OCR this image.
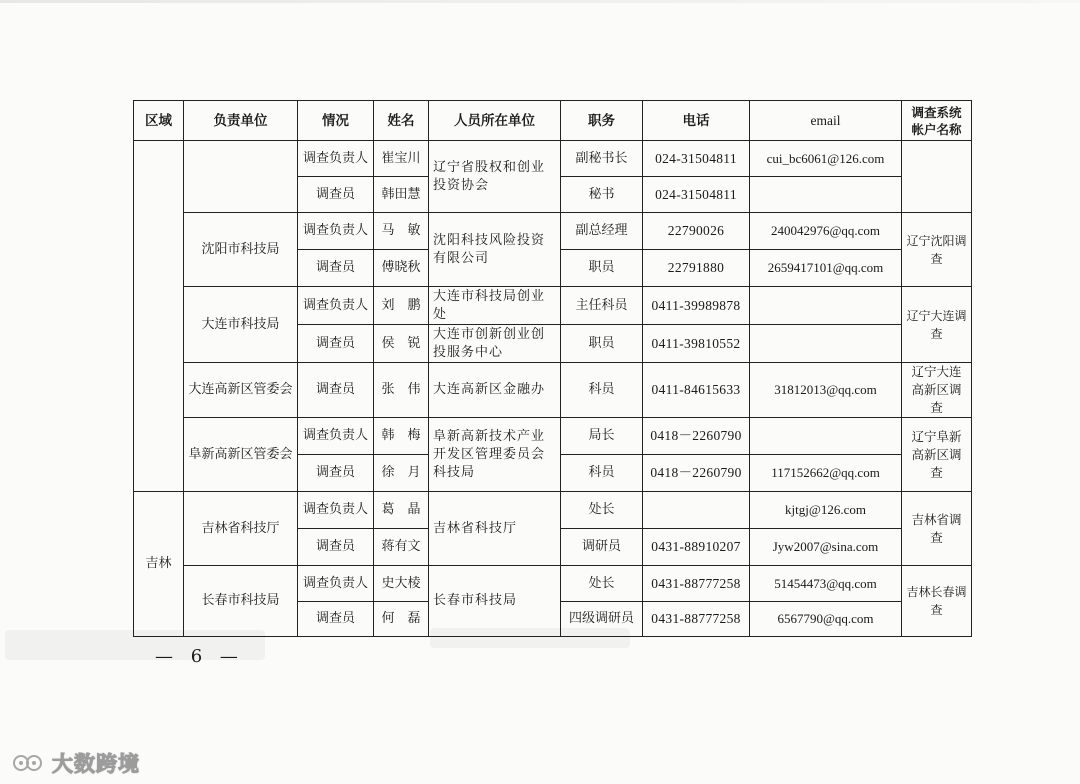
区域	负责单位	情况	姓名	人员所在单位	职务	电话	email	调查系统帐户名称
		调查负责人	崔宝川	辽宁省股权和创业投资协会	副秘书长	024-31504811	cui_bc6061@126.com	
		调查员	韩田慧		秘书	024-31504811		
	沈阳市科技局	调查负责人	马　敏	沈阳科技风险投资有限公司	副总经理	22790026	240042976@qq.com	辽宁沈阳调查
		调查员	傅晓秋		职员	22791880	2659417101@qq.com	
	大连市科技局	调查负责人	刘　鹏	大连市科技局创业处	主任科员	0411-39989878		辽宁大连调查
		调查员	侯　锐	大连市创新创业创投服务中心	职员	0411-39810552		
	大连高新区管委会	调查员	张　伟	大连高新区金融办	科员	0411-84615633	31812013@qq.com	辽宁大连高新区调查
	阜新高新区管委会	调查负责人	韩　梅	阜新高新技术产业开发区管理委员会科技局	局长	0418－2260790		辽宁阜新高新区调查
		调查员	徐　月		科员	0418－2260790	117152662@qq.com	
吉林	吉林省科技厅	调查负责人	葛　晶	吉林省科技厅	处长		kjtgj@126.com	吉林省调查
		调查员	蒋有文		调研员	0431-88910207	Jyw2007@sina.com	
	长春市科技局	调查负责人	史大棱	长春市科技局	处长	0431-88777258	51454473@qq.com	吉林长春调查
		调查员	何　磊		四级调研员	0431-88777258	6567790@qq.com	
— 6 —
大数跨境
